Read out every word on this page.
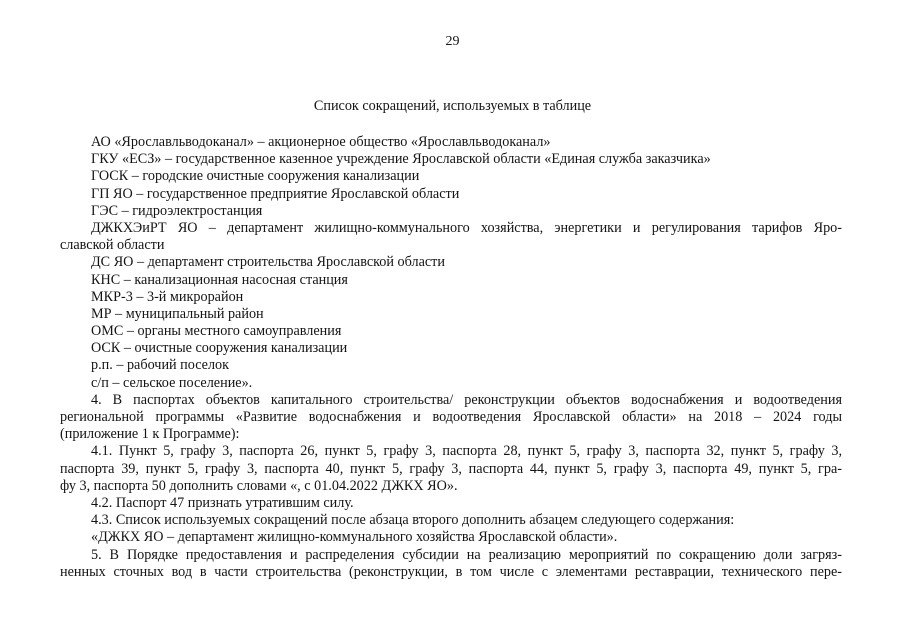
29
Список сокращений, используемых в таблице
АО «Ярославльводоканал» – акционерное общество «Ярославльводоканал»
ГКУ «ЕСЗ» – государственное казенное учреждение Ярославской области «Единая служба заказчика»
ГОСК – городские очистные сооружения канализации
ГП ЯО – государственное предприятие Ярославской области
ГЭС – гидроэлектростанция
ДЖКХЭиРТ ЯО – департамент жилищно-коммунального хозяйства, энергетики и регулирования тарифов Яро-
славской области
ДС ЯО – департамент строительства Ярославской области
КНС – канализационная насосная станция
МКР-3 – 3-й микрорайон
МР – муниципальный район
ОМС – органы местного самоуправления
ОСК – очистные сооружения канализации
р.п. – рабочий поселок
с/п – сельское поселение».
4. В паспортах объектов капитального строительства/ реконструкции объектов водоснабжения и водоотведения
региональной программы «Развитие водоснабжения и водоотведения Ярославской области» на 2018 – 2024 годы
(приложение 1 к Программе):
4.1. Пункт 5, графу 3, паспорта 26, пункт 5, графу 3, паспорта 28, пункт 5, графу 3, паспорта 32, пункт 5, графу 3,
паспорта 39, пункт 5, графу 3, паспорта 40, пункт 5, графу 3, паспорта 44, пункт 5, графу 3, паспорта 49, пункт 5, гра-
фу 3, паспорта 50 дополнить словами «, с 01.04.2022 ДЖКХ ЯО».
4.2. Паспорт 47 признать утратившим силу.
4.3. Список используемых сокращений после абзаца второго дополнить абзацем следующего содержания:
«ДЖКХ ЯО – департамент жилищно-коммунального хозяйства Ярославской области».
5. В Порядке предоставления и распределения субсидии на реализацию мероприятий по сокращению доли загряз-
ненных сточных вод в части строительства (реконструкции, в том числе с элементами реставрации, технического пере-
